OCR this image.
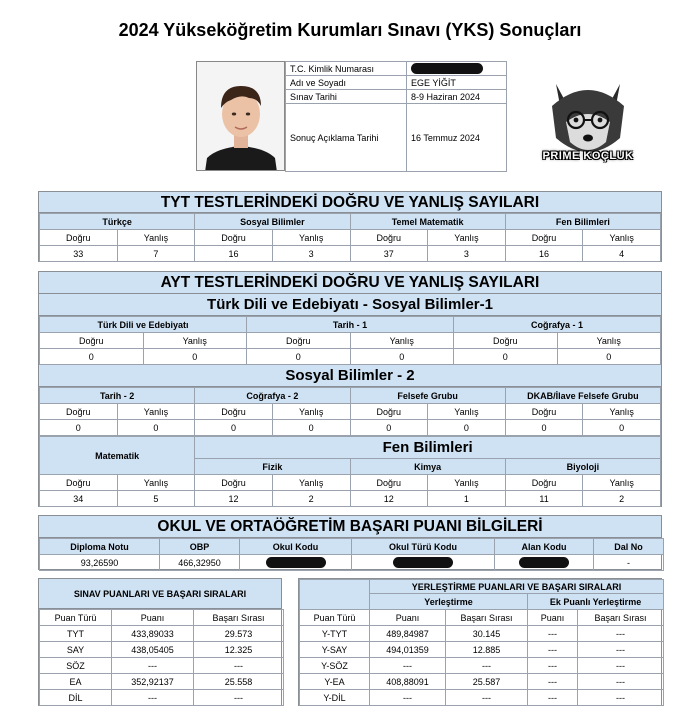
2024 Yükseköğretim Kurumları Sınavı (YKS) Sonuçları
T.C. Kimlik Numarası	
Adı ve Soyadı	EGE YİĞİT
Sınav Tarihi	8-9 Haziran 2024
Sonuç Açıklama Tarihi	16 Temmuz 2024
PRIME KOÇLUK
TYT TESTLERİNDEKİ DOĞRU VE YANLIŞ SAYILARI
Türkçe		Sosyal Bilimler		Temel Matematik		Fen Bilimleri	
Doğru	Yanlış	Doğru	Yanlış	Doğru	Yanlış	Doğru	Yanlış
33	7	16	3	37	3	16	4
AYT TESTLERİNDEKİ DOĞRU VE YANLIŞ SAYILARI
Türk Dili ve Edebiyatı - Sosyal Bilimler-1
Türk Dili ve Edebiyatı		Tarih - 1		Coğrafya - 1	
Doğru	Yanlış	Doğru	Yanlış	Doğru	Yanlış
0	0	0	0	0	0
Sosyal Bilimler - 2
Tarih - 2		Coğrafya - 2		Felsefe Grubu		DKAB/İlave Felsefe Grubu	
Doğru	Yanlış	Doğru	Yanlış	Doğru	Yanlış	Doğru	Yanlış
0	0	0	0	0	0	0	0
Matematik		Fen Bilimleri					
		Fizik		Kimya		Biyoloji	
Doğru	Yanlış	Doğru	Yanlış	Doğru	Yanlış	Doğru	Yanlış
34	5	12	2	12	1	11	2
OKUL VE ORTAÖĞRETİM BAŞARI PUANI BİLGİLERİ
Diploma Notu	OBP	Okul Kodu	Okul Türü Kodu	Alan Kodu	Dal No
93,26590	466,32950				-
SINAV PUANLARI VE BAŞARI SIRALARI
Puan Türü	Puanı	Başarı Sırası
TYT	433,89033	29.573
SAY	438,05405	12.325
SÖZ	---	---
EA	352,92137	25.558
DİL	---	---
	YERLEŞTİRME PUANLARI VE BAŞARI SIRALARI			
	Yerleştirme		Ek Puanlı Yerleştirme	
Puan Türü	Puanı	Başarı Sırası	Puanı	Başarı Sırası
Y-TYT	489,84987	30.145	---	---
Y-SAY	494,01359	12.885	---	---
Y-SÖZ	---	---	---	---
Y-EA	408,88091	25.587	---	---
Y-DİL	---	---	---	---
